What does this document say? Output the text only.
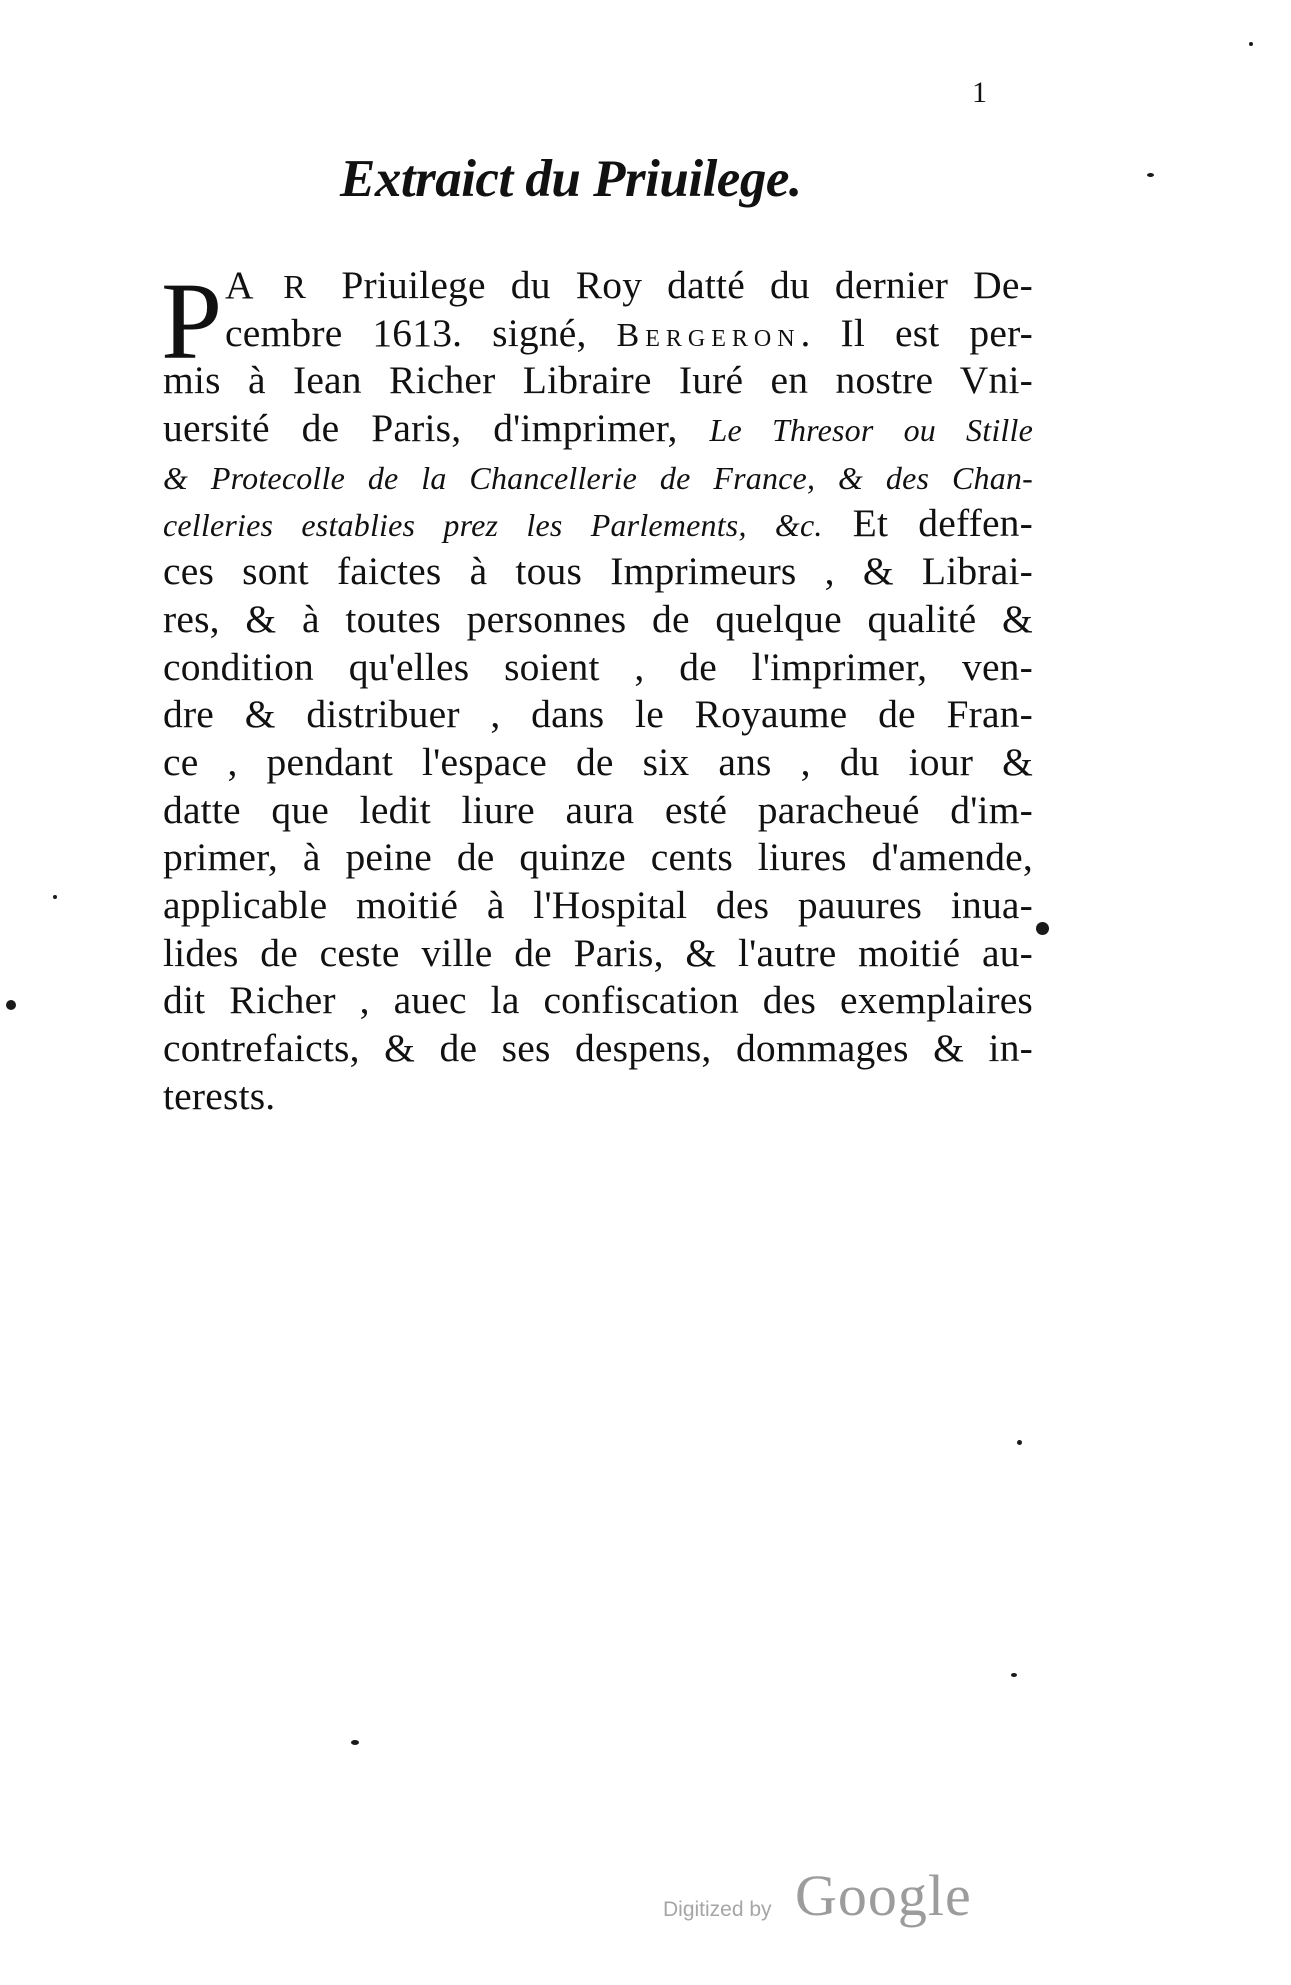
1
Extraict du Priuilege.
P A R Priuilege du Roy datté du dernier De-
cembre 1613. signé, Bergeron. Il est per-
mis à Iean Richer Libraire Iuré en nostre Vni-
uersité de Paris, d'imprimer, Le Thresor ou Stille
& Protecolle de la Chancellerie de France, & des Chan-
celleries establies prez les Parlements, &c. Et deffen-
ces sont faictes à tous Imprimeurs , & Librai-
res, & à toutes personnes de quelque qualité &
condition qu'elles soient , de l'imprimer, ven-
dre & distribuer , dans le Royaume de Fran-
ce , pendant l'espace de six ans , du iour &
datte que ledit liure aura esté paracheué d'im-
primer, à peine de quinze cents liures d'amende,
applicable moitié à l'Hospital des pauures inua-
lides de ceste ville de Paris, & l'autre moitié au-
dit Richer , auec la confiscation des exemplaires
contrefaicts, & de ses despens, dommages & in-
terests.
Digitized by Google
